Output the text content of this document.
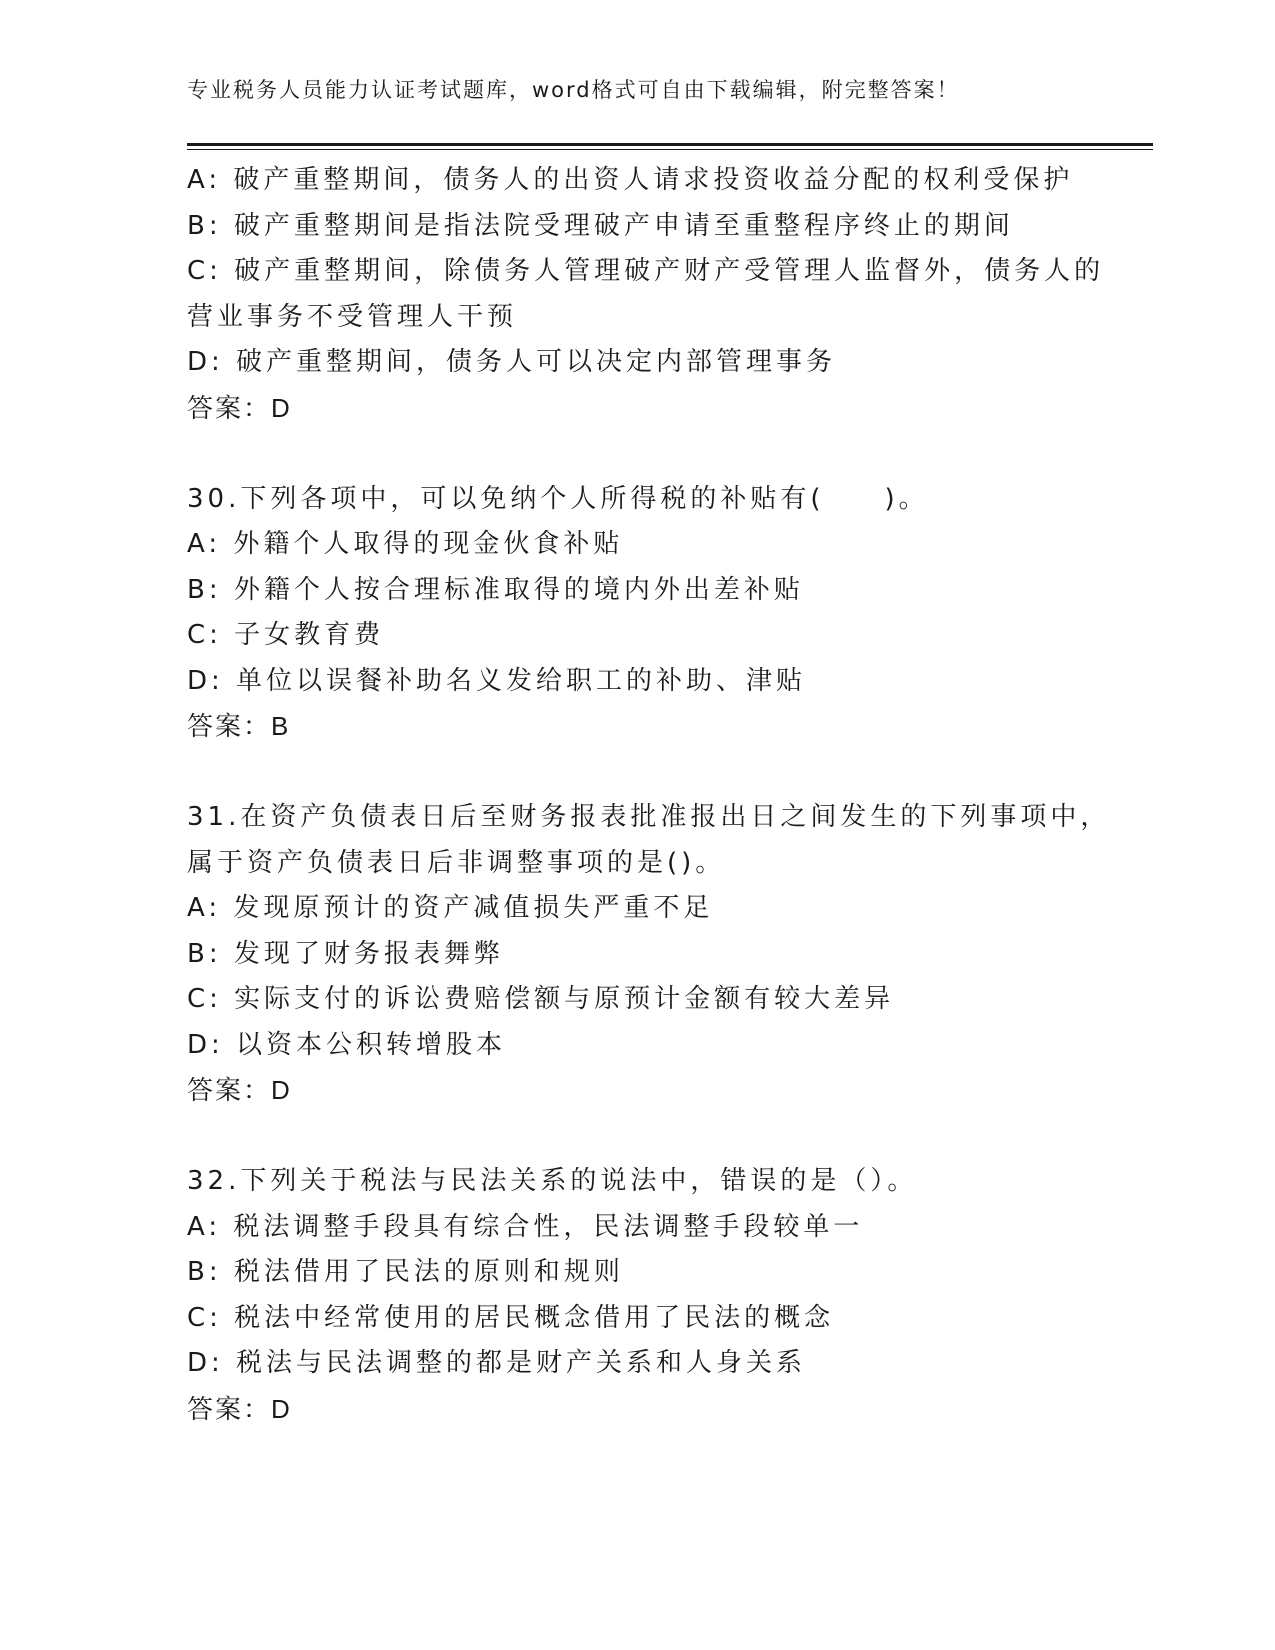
专业税务人员能力认证考试题库，word格式可自由下载编辑，附完整答案！
A: 破产重整期间，债务人的出资人请求投资收益分配的权利受保护
B: 破产重整期间是指法院受理破产申请至重整程序终止的期间
C: 破产重整期间，除债务人管理破产财产受管理人监督外，债务人的
营业事务不受管理人干预
D: 破产重整期间，债务人可以决定内部管理事务
答案：D
30.下列各项中，可以免纳个人所得税的补贴有(　　)。
A: 外籍个人取得的现金伙食补贴
B: 外籍个人按合理标准取得的境内外出差补贴
C: 子女教育费
D: 单位以误餐补助名义发给职工的补助、津贴
答案：B
31.在资产负债表日后至财务报表批准报出日之间发生的下列事项中，
属于资产负债表日后非调整事项的是()。
A: 发现原预计的资产减值损失严重不足
B: 发现了财务报表舞弊
C: 实际支付的诉讼费赔偿额与原预计金额有较大差异
D: 以资本公积转增股本
答案：D
32.下列关于税法与民法关系的说法中，错误的是（）。
A: 税法调整手段具有综合性，民法调整手段较单一
B: 税法借用了民法的原则和规则
C: 税法中经常使用的居民概念借用了民法的概念
D: 税法与民法调整的都是财产关系和人身关系
答案：D
